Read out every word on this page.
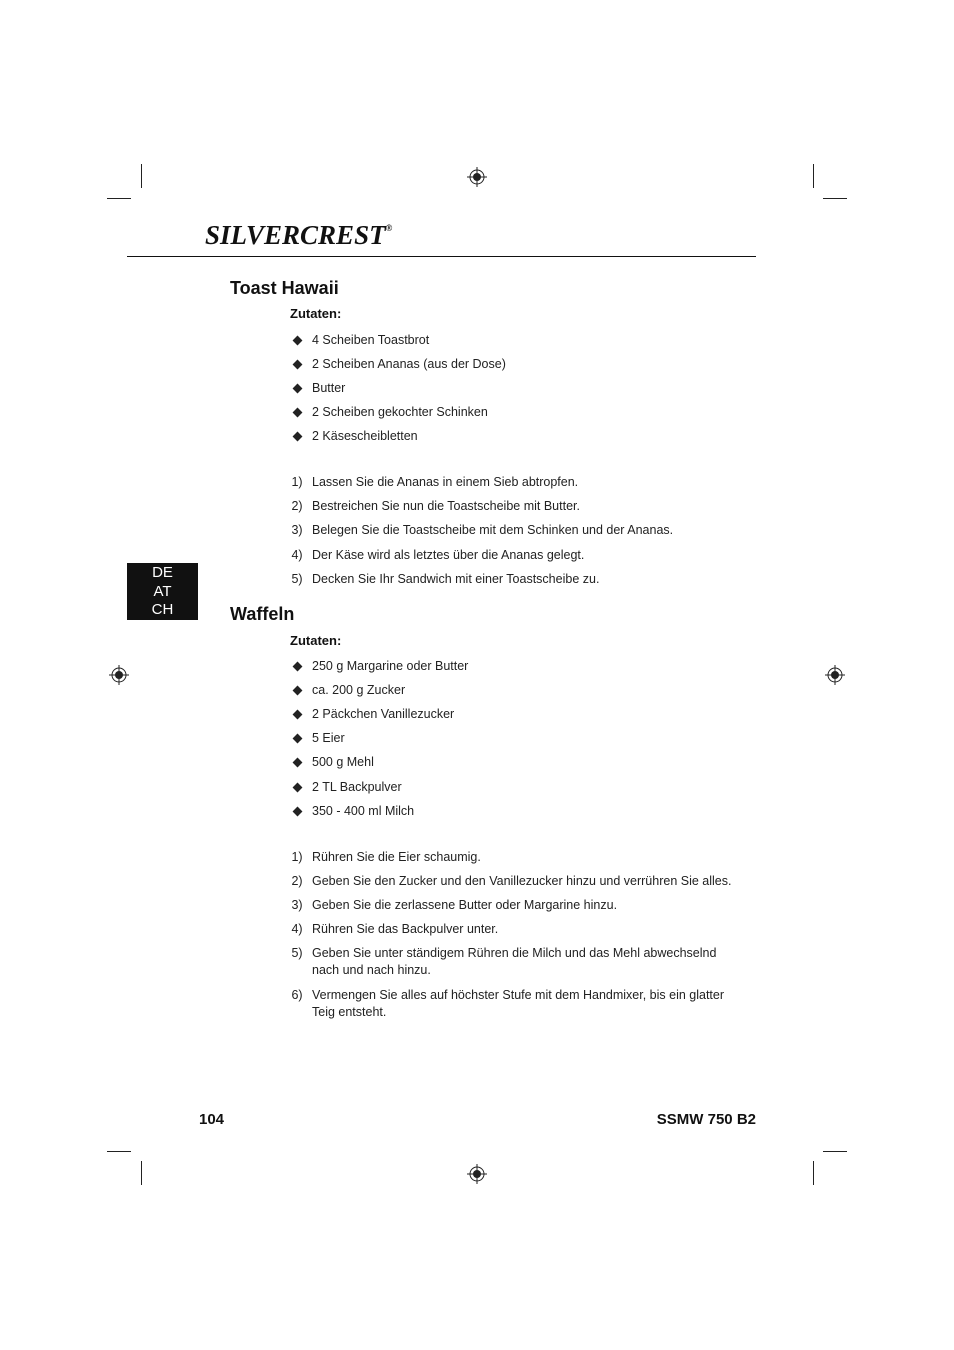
SILVERCREST®
DE
AT
CH
Toast Hawaii
Zutaten:
4 Scheiben Toastbrot
2 Scheiben Ananas (aus der Dose)
Butter
2 Scheiben gekochter Schinken
2 Käsescheibletten
1) Lassen Sie die Ananas in einem Sieb abtropfen.
2) Bestreichen Sie nun die Toastscheibe mit Butter.
3) Belegen Sie die Toastscheibe mit dem Schinken und der Ananas.
4) Der Käse wird als letztes über die Ananas gelegt.
5) Decken Sie Ihr Sandwich mit einer Toastscheibe zu.
Waffeln
Zutaten:
250 g Margarine oder Butter
ca. 200 g Zucker
2 Päckchen Vanillezucker
5 Eier
500 g Mehl
2 TL Backpulver
350 - 400 ml Milch
1) Rühren Sie die Eier schaumig.
2) Geben Sie den Zucker und den Vanillezucker hinzu und verrühren Sie alles.
3) Geben Sie die zerlassene Butter oder Margarine hinzu.
4) Rühren Sie das Backpulver unter.
5) Geben Sie unter ständigem Rühren die Milch und das Mehl abwechselnd
nach und nach hinzu.
6) Vermengen Sie alles auf höchster Stufe mit dem Handmixer, bis ein glatter
Teig entsteht.
104	SSMW 750 B2
